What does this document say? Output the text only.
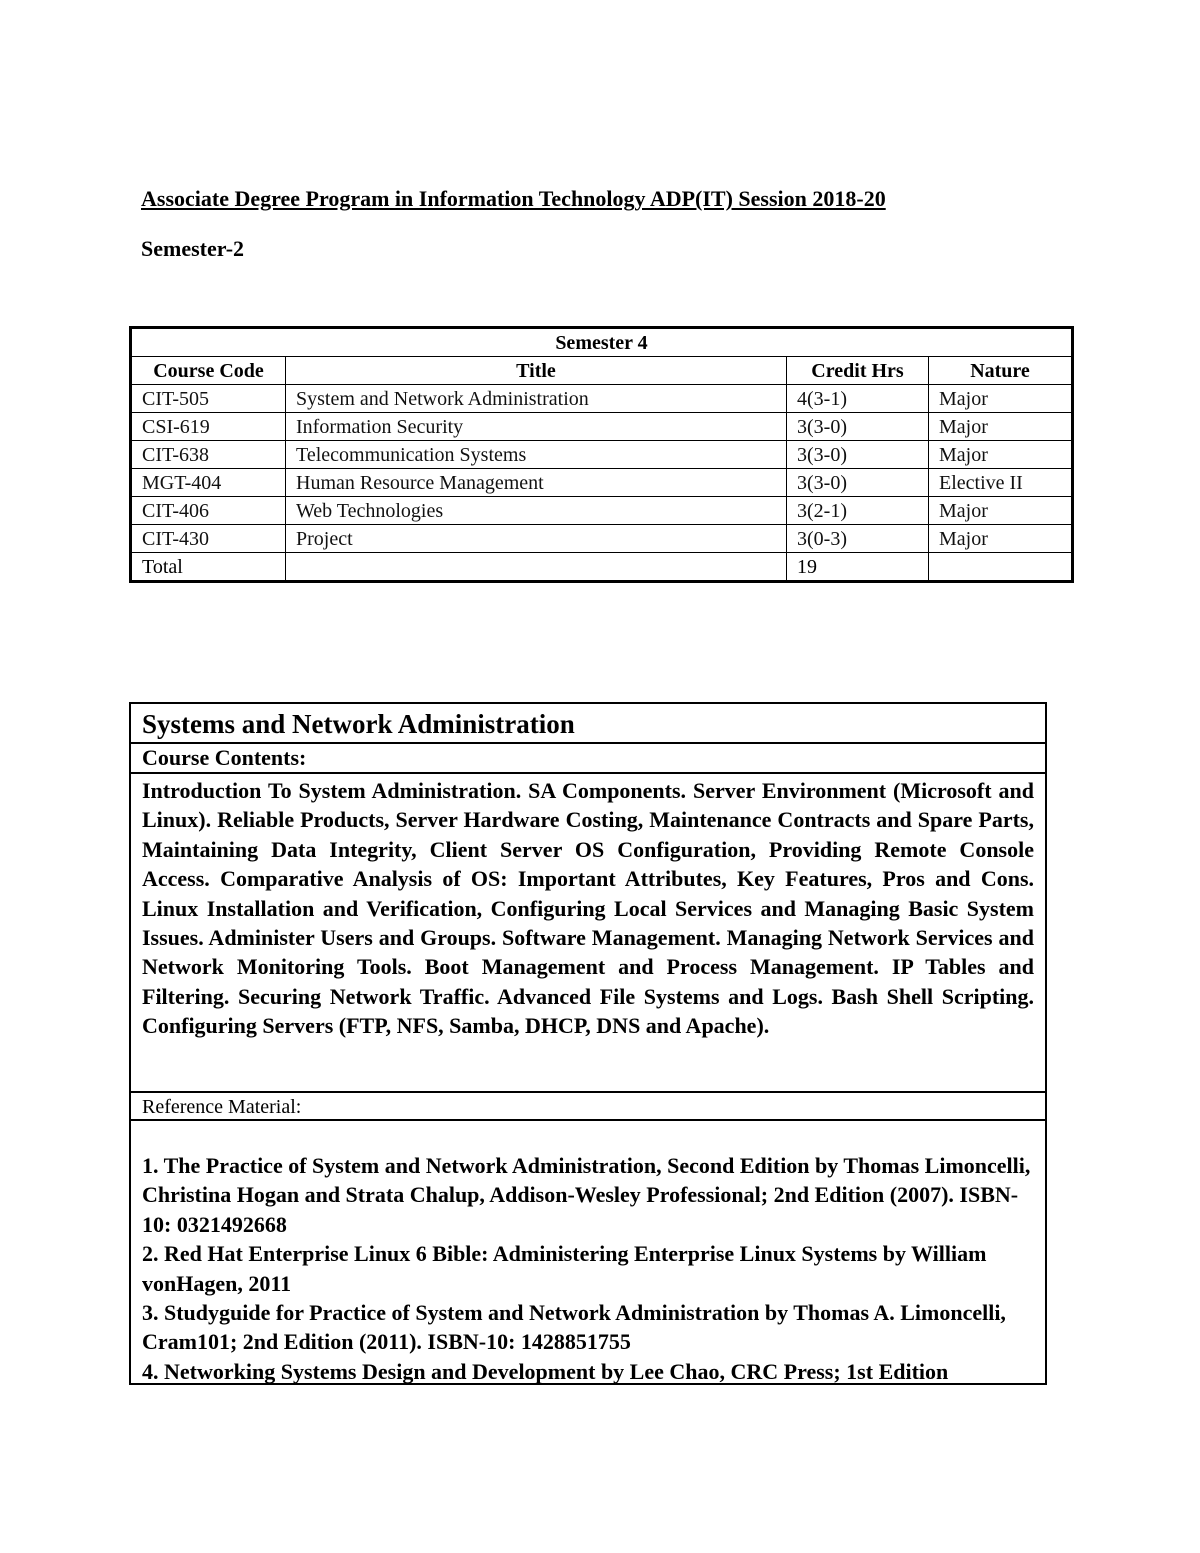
Associate Degree Program in Information Technology ADP(IT) Session 2018-20
Semester-2
Semester 4			
Course Code	Title	Credit Hrs	Nature
CIT-505	System and Network Administration	4(3-1)	Major
CSI-619	Information Security	3(3-0)	Major
CIT-638	Telecommunication Systems	3(3-0)	Major
MGT-404	Human Resource Management	3(3-0)	Elective II
CIT-406	Web Technologies	3(2-1)	Major
CIT-430	Project	3(0-3)	Major
Total		19	
Systems and Network Administration
Course Contents:
Introduction To System Administration. SA Components. Server Environment (Microsoft and Linux). Reliable Products, Server Hardware Costing, Maintenance Contracts and Spare Parts, Maintaining Data Integrity, Client Server OS Configuration, Providing Remote Console Access. Comparative Analysis of OS: Important Attributes, Key Features, Pros and Cons. Linux Installation and Verification, Configuring Local Services and Managing Basic System Issues. Administer Users and Groups. Software Management. Managing Network Services and Network Monitoring Tools. Boot Management and Process Management. IP Tables and Filtering. Securing Network Traffic. Advanced File Systems and Logs. Bash Shell Scripting. Configuring Servers (FTP, NFS, Samba, DHCP, DNS and Apache).
Reference Material:

1. The Practice of System and Network Administration, Second Edition by Thomas Limoncelli, Christina Hogan and Strata Chalup, Addison-Wesley Professional; 2nd Edition (2007). ISBN-10: 0321492668

2. Red Hat Enterprise Linux 6 Bible: Administering Enterprise Linux Systems by William vonHagen, 2011

3. Studyguide for Practice of System and Network Administration by Thomas A. Limoncelli, Cram101; 2nd Edition (2011). ISBN-10: 1428851755

4. Networking Systems Design and Development by Lee Chao, CRC Press; 1st Edition
